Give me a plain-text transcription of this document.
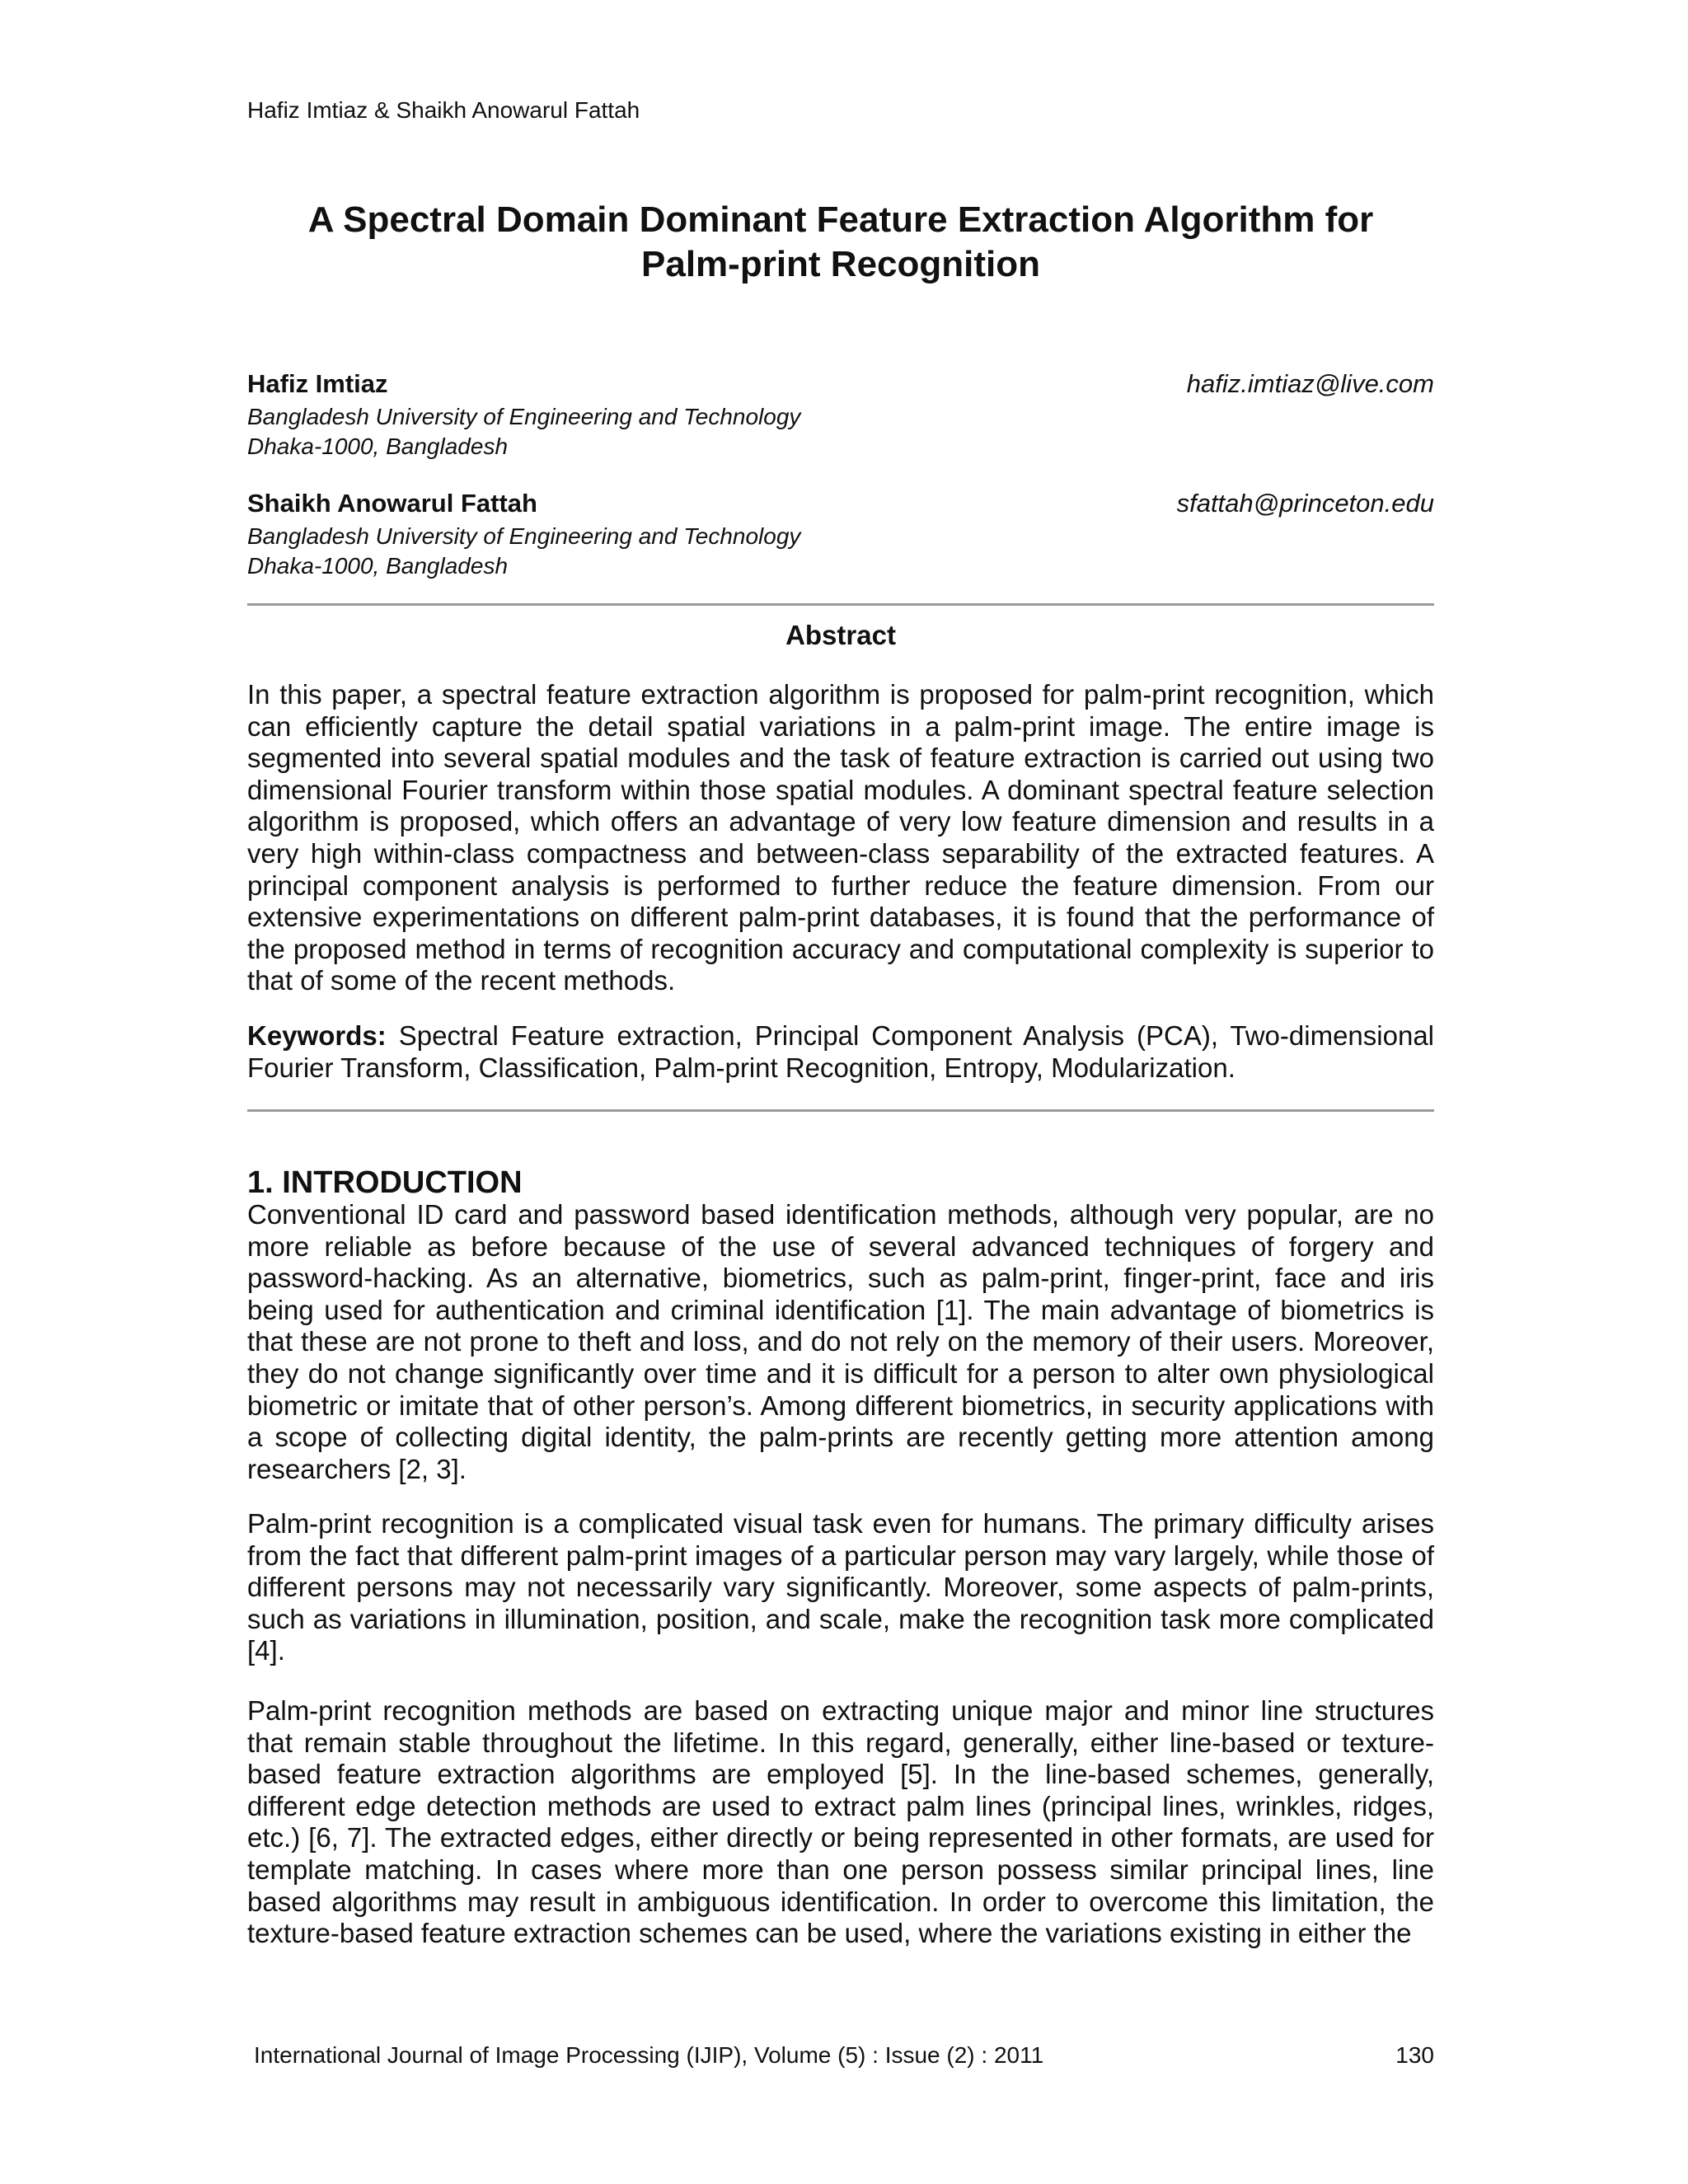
Hafiz Imtiaz & Shaikh Anowarul Fattah
A Spectral Domain Dominant Feature Extraction Algorithm for
Palm-print Recognition
Hafiz Imtiaz
Bangladesh University of Engineering and Technology
Dhaka-1000, Bangladesh
hafiz.imtiaz@live.com
Shaikh Anowarul Fattah
Bangladesh University of Engineering and Technology
Dhaka-1000, Bangladesh
sfattah@princeton.edu
Abstract
In this paper, a spectral feature extraction algorithm is proposed for palm-print recognition, which can efficiently capture the detail spatial variations in a palm-print image. The entire image is segmented into several spatial modules and the task of feature extraction is carried out using two dimensional Fourier transform within those spatial modules. A dominant spectral feature selection algorithm is proposed, which offers an advantage of very low feature dimension and results in a very high within-class compactness and between-class separability of the extracted features. A principal component analysis is performed to further reduce the feature dimension. From our extensive experimentations on different palm-print databases, it is found that the performance of the proposed method in terms of recognition accuracy and computational complexity is superior to that of some of the recent methods.
Keywords: Spectral Feature extraction, Principal Component Analysis (PCA), Two-dimensional Fourier Transform, Classification, Palm-print Recognition, Entropy, Modularization.
1. INTRODUCTION
Conventional ID card and password based identification methods, although very popular, are no more reliable as before because of the use of several advanced techniques of forgery and password-hacking. As an alternative, biometrics, such as palm-print, finger-print, face and iris being used for authentication and criminal identification [1]. The main advantage of biometrics is that these are not prone to theft and loss, and do not rely on the memory of their users. Moreover, they do not change significantly over time and it is difficult for a person to alter own physiological biometric or imitate that of other person’s. Among different biometrics, in security applications with a scope of collecting digital identity, the palm-prints are recently getting more attention among researchers [2, 3].
Palm-print recognition is a complicated visual task even for humans. The primary difficulty arises from the fact that different palm-print images of a particular person may vary largely, while those of different persons may not necessarily vary significantly. Moreover, some aspects of palm-prints, such as variations in illumination, position, and scale, make the recognition task more complicated [4].
Palm-print recognition methods are based on extracting unique major and minor line structures that remain stable throughout the lifetime. In this regard, generally, either line-based or texture-based feature extraction algorithms are employed [5]. In the line-based schemes, generally, different edge detection methods are used to extract palm lines (principal lines, wrinkles, ridges, etc.) [6, 7]. The extracted edges, either directly or being represented in other formats, are used for template matching. In cases where more than one person possess similar principal lines, line based algorithms may result in ambiguous identification. In order to overcome this limitation, the texture-based feature extraction schemes can be used, where the variations existing in either the
International Journal of Image Processing (IJIP), Volume (5) : Issue (2) : 2011	130
